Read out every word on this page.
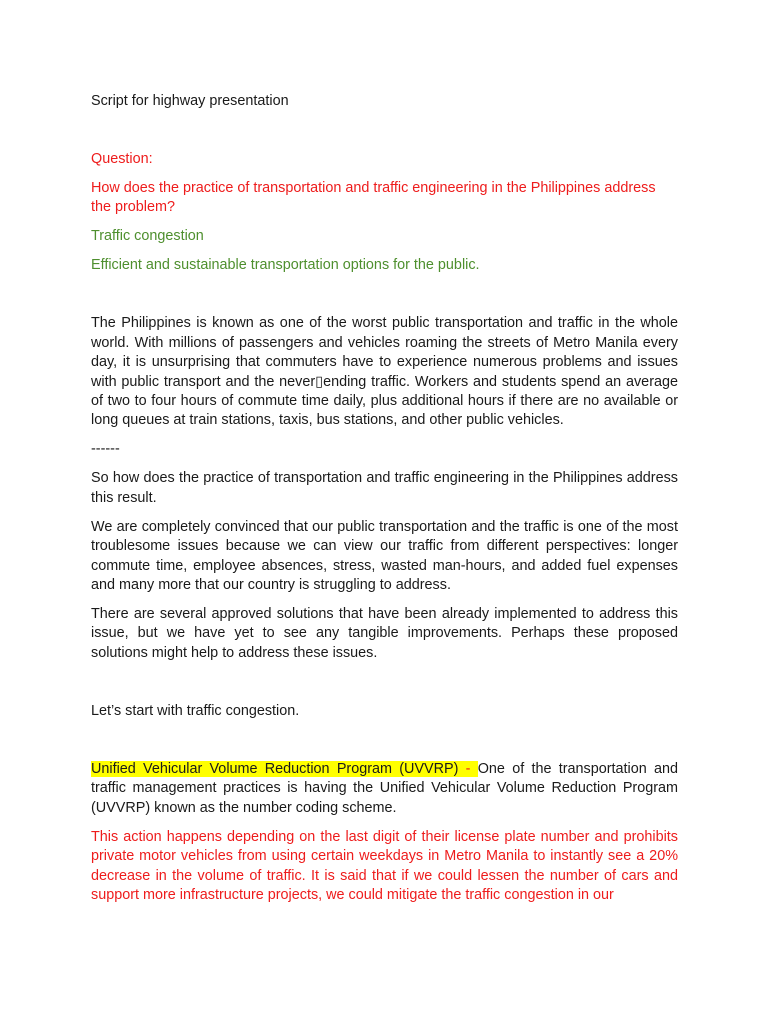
Script for highway presentation

Question:

How does the practice of transportation and traffic engineering in the Philippines address the problem?

Traffic congestion

Efficient and sustainable transportation options for the public.

The Philippines is known as one of the worst public transportation and traffic in the whole world. With millions of passengers and vehicles roaming the streets of Metro Manila every day, it is unsurprising that commuters have to experience numerous problems and issues with public transport and the never▯ending traffic. Workers and students spend an average of two to four hours of commute time daily, plus additional hours if there are no available or long queues at train stations, taxis, bus stations, and other public vehicles.

------

So how does the practice of transportation and traffic engineering in the Philippines address this result.

We are completely convinced that our public transportation and the traffic is one of the most troublesome issues because we can view our traffic from different perspectives: longer commute time, employee absences, stress, wasted man-hours, and added fuel expenses and many more that our country is struggling to address.

There are several approved solutions that have been already implemented to address this issue, but we have yet to see any tangible improvements. Perhaps these proposed solutions might help to address these issues.

Let’s start with traffic congestion.

Unified Vehicular Volume Reduction Program (UVVRP) - One of the transportation and traffic management practices is having the Unified Vehicular Volume Reduction Program (UVVRP) known as the number coding scheme.

This action happens depending on the last digit of their license plate number and prohibits private motor vehicles from using certain weekdays in Metro Manila to instantly see a 20% decrease in the volume of traffic. It is said that if we could lessen the number of cars and support more infrastructure projects, we could mitigate the traffic congestion in our
